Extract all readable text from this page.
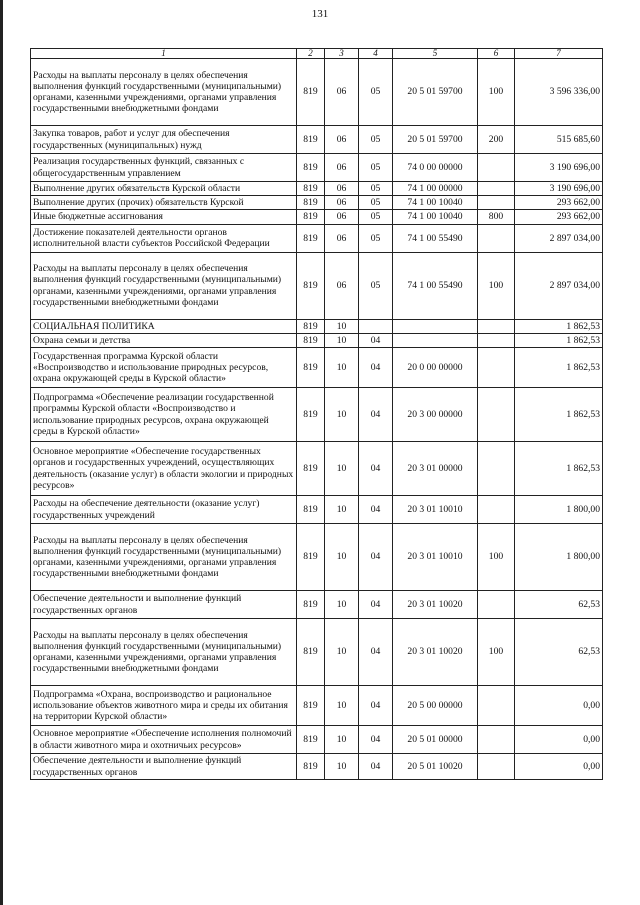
131
1	2	3	4	5	6	7
Расходы на выплаты персоналу в целях обеспечения выполнения функций государственными (муниципальными) органами, казенными учреждениями, органами управления государственными внебюджетными фондами	819	06	05	20 5 01 59700	100	3 596 336,00
Закупка товаров, работ и услуг для обеспечения государственных (муниципальных) нужд	819	06	05	20 5 01 59700	200	515 685,60
Реализация государственных функций, связанных с общегосударственным управлением	819	06	05	74 0 00 00000		3 190 696,00
Выполнение других обязательств Курской области	819	06	05	74 1 00 00000		3 190 696,00
Выполнение других (прочих) обязательств Курской	819	06	05	74 1 00 10040		293 662,00
Иные бюджетные ассигнования	819	06	05	74 1 00 10040	800	293 662,00
Достижение показателей деятельности органов исполнительной власти субъектов Российской Федерации	819	06	05	74 1 00 55490		2 897 034,00
Расходы на выплаты персоналу в целях обеспечения выполнения функций государственными (муниципальными) органами, казенными учреждениями, органами управления государственными внебюджетными фондами	819	06	05	74 1 00 55490	100	2 897 034,00
СОЦИАЛЬНАЯ ПОЛИТИКА	819	10				1 862,53
Охрана семьи и детства	819	10	04			1 862,53
Государственная программа Курской области «Воспроизводство и использование природных ресурсов, охрана окружающей среды в Курской области»	819	10	04	20 0 00 00000		1 862,53
Подпрограмма «Обеспечение реализации государственной программы Курской области «Воспроизводство и использование природных ресурсов, охрана окружающей среды в Курской области»	819	10	04	20 3 00 00000		1 862,53
Основное мероприятие «Обеспечение государственных органов и государственных учреждений, осуществляющих деятельность (оказание услуг) в области экологии и природных ресурсов»	819	10	04	20 3 01 00000		1 862,53
Расходы на обеспечение деятельности (оказание услуг) государственных учреждений	819	10	04	20 3 01 10010		1 800,00
Расходы на выплаты персоналу в целях обеспечения выполнения функций государственными (муниципальными) органами, казенными учреждениями, органами управления государственными внебюджетными фондами	819	10	04	20 3 01 10010	100	1 800,00
Обеспечение деятельности и выполнение функций государственных органов	819	10	04	20 3 01 10020		62,53
Расходы на выплаты персоналу в целях обеспечения выполнения функций государственными (муниципальными) органами, казенными учреждениями, органами управления государственными внебюджетными фондами	819	10	04	20 3 01 10020	100	62,53
Подпрограмма «Охрана, воспроизводство и рациональное использование объектов животного мира и среды их обитания на территории Курской области»	819	10	04	20 5 00 00000		0,00
Основное мероприятие «Обеспечение исполнения полномочий в области животного мира и охотничьих ресурсов»	819	10	04	20 5 01 00000		0,00
Обеспечение деятельности и выполнение функций государственных органов	819	10	04	20 5 01 10020		0,00
